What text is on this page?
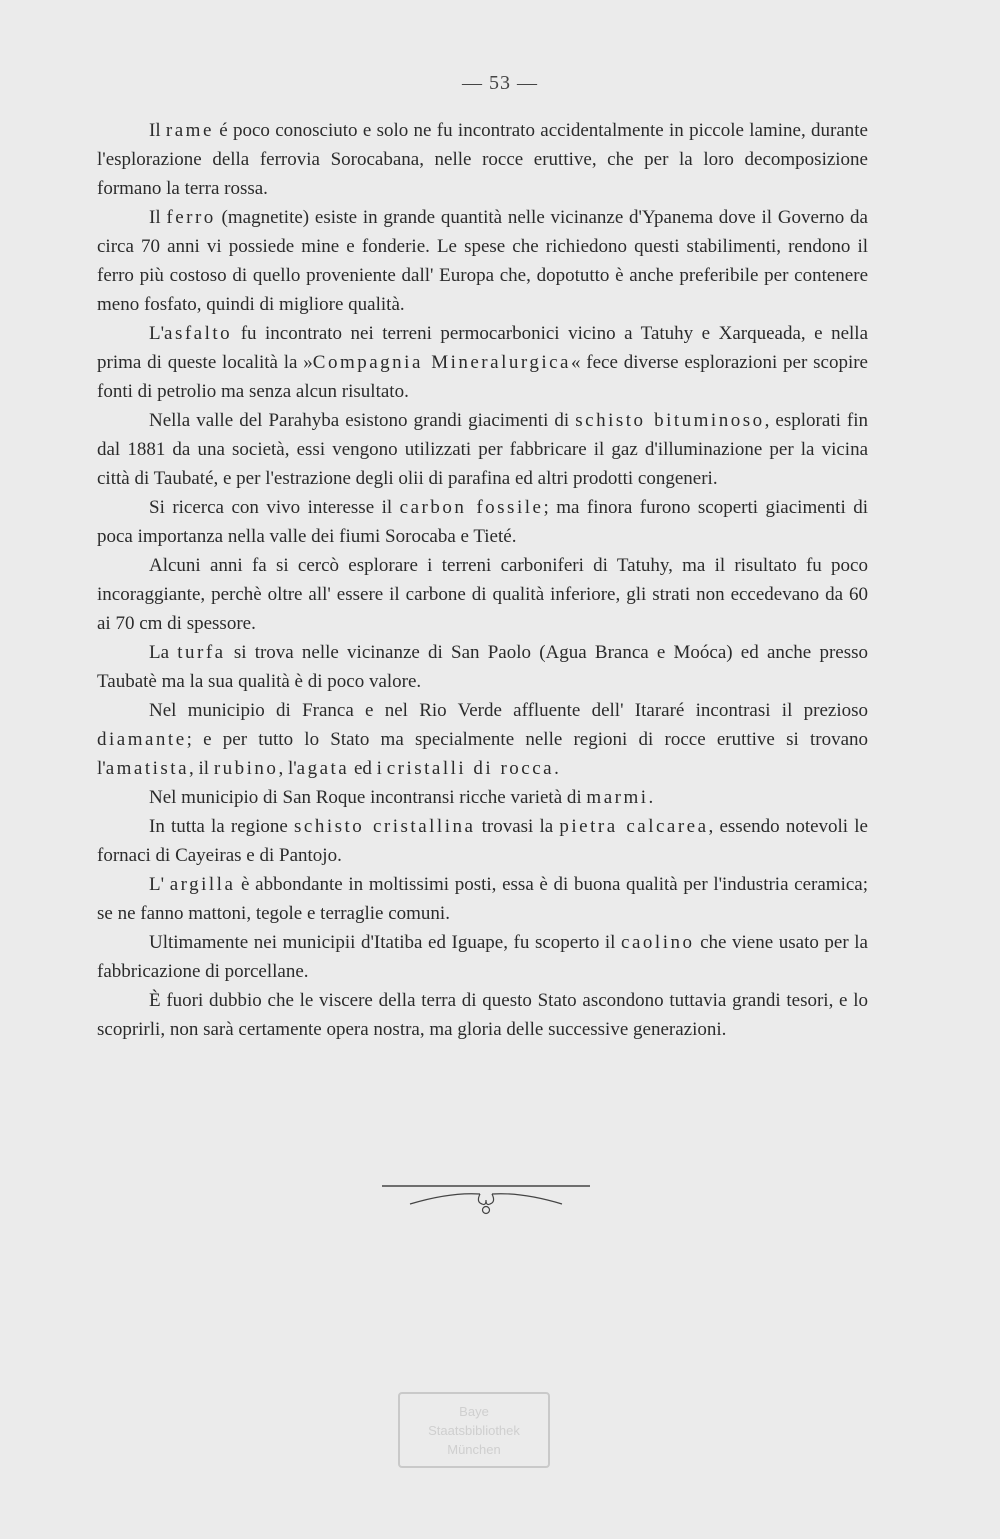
— 53 —

Il rame é poco conosciuto e solo ne fu incontrato accidentalmente in piccole lamine, durante l'esplorazione della ferrovia Sorocabana, nelle rocce eruttive, che per la loro decomposizione formano la terra rossa.

Il ferro (magnetite) esiste in grande quantità nelle vicinanze d'Ypanema dove il Governo da circa 70 anni vi possiede mine e fonderie. Le spese che richiedono questi stabilimenti, rendono il ferro più costoso di quello proveniente dall' Europa che, dopotutto è anche preferibile per contenere meno fosfato, quindi di migliore qualità.

L'asfalto fu incontrato nei terreni permocarbonici vicino a Tatuhy e Xarqueada, e nella prima di queste località la »Compagnia Mineralurgica« fece diverse esplorazioni per scopire fonti di petrolio ma senza alcun risultato.

Nella valle del Parahyba esistono grandi giacimenti di schisto bituminoso, esplorati fin dal 1881 da una società, essi vengono utilizzati per fabbricare il gaz d'illuminazione per la vicina città di Taubaté, e per l'estrazione degli olii di parafina ed altri prodotti congeneri.

Si ricerca con vivo interesse il carbon fossile; ma finora furono scoperti giacimenti di poca importanza nella valle dei fiumi Sorocaba e Tieté.

Alcuni anni fa si cercò esplorare i terreni carboniferi di Tatuhy, ma il risultato fu poco incoraggiante, perchè oltre all' essere il carbone di qualità inferiore, gli strati non eccedevano da 60 ai 70 cm di spessore.

La turfa si trova nelle vicinanze di San Paolo (Agua Branca e Moóca) ed anche presso Taubatè ma la sua qualità è di poco valore.

Nel municipio di Franca e nel Rio Verde affluente dell' Itararé incontrasi il prezioso diamante; e per tutto lo Stato ma specialmente nelle regioni di rocce eruttive si trovano l'amatista, il rubino, l'agata ed i cristalli di rocca.

Nel municipio di San Roque incontransi ricche varietà di marmi.

In tutta la regione schisto cristallina trovasi la pietra calcarea, essendo notevoli le fornaci di Cayeiras e di Pantojo.

L' argilla è abbondante in moltissimi posti, essa è di buona qualità per l'industria ceramica; se ne fanno mattoni, tegole e terraglie comuni.

Ultimamente nei municipii d'Itatiba ed Iguape, fu scoperto il caolino che viene usato per la fabbricazione di porcellane.

È fuori dubbio che le viscere della terra di questo Stato ascondono tuttavia grandi tesori, e lo scoprirli, non sarà certamente opera nostra, ma gloria delle successive generazioni.

Baye
Staatsbibliothek
München
